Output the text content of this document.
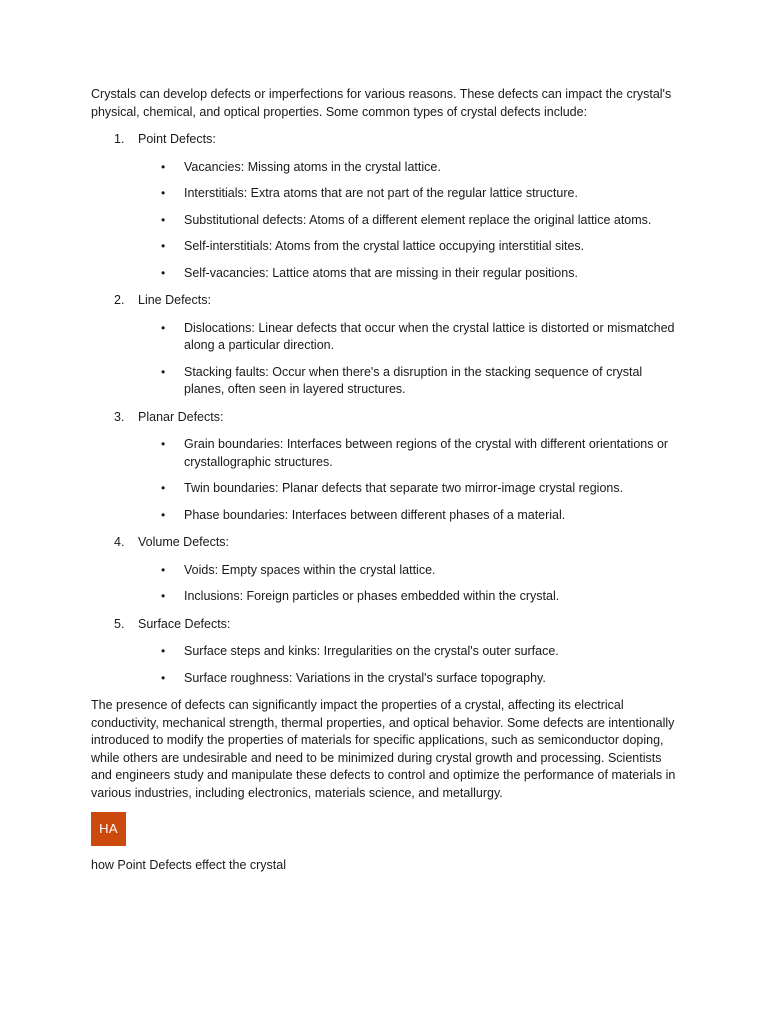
Crystals can develop defects or imperfections for various reasons. These defects can impact the crystal's physical, chemical, and optical properties. Some common types of crystal defects include:

1. Point Defects:
• Vacancies: Missing atoms in the crystal lattice.
• Interstitials: Extra atoms that are not part of the regular lattice structure.
• Substitutional defects: Atoms of a different element replace the original lattice atoms.
• Self-interstitials: Atoms from the crystal lattice occupying interstitial sites.
• Self-vacancies: Lattice atoms that are missing in their regular positions.
2. Line Defects:
• Dislocations: Linear defects that occur when the crystal lattice is distorted or mismatched along a particular direction.
• Stacking faults: Occur when there's a disruption in the stacking sequence of crystal planes, often seen in layered structures.
3. Planar Defects:
• Grain boundaries: Interfaces between regions of the crystal with different orientations or crystallographic structures.
• Twin boundaries: Planar defects that separate two mirror-image crystal regions.
• Phase boundaries: Interfaces between different phases of a material.
4. Volume Defects:
• Voids: Empty spaces within the crystal lattice.
• Inclusions: Foreign particles or phases embedded within the crystal.
5. Surface Defects:
• Surface steps and kinks: Irregularities on the crystal's outer surface.
• Surface roughness: Variations in the crystal's surface topography.

The presence of defects can significantly impact the properties of a crystal, affecting its electrical conductivity, mechanical strength, thermal properties, and optical behavior. Some defects are intentionally introduced to modify the properties of materials for specific applications, such as semiconductor doping, while others are undesirable and need to be minimized during crystal growth and processing. Scientists and engineers study and manipulate these defects to control and optimize the performance of materials in various industries, including electronics, materials science, and metallurgy.

HA

how Point Defects effect the crystal
